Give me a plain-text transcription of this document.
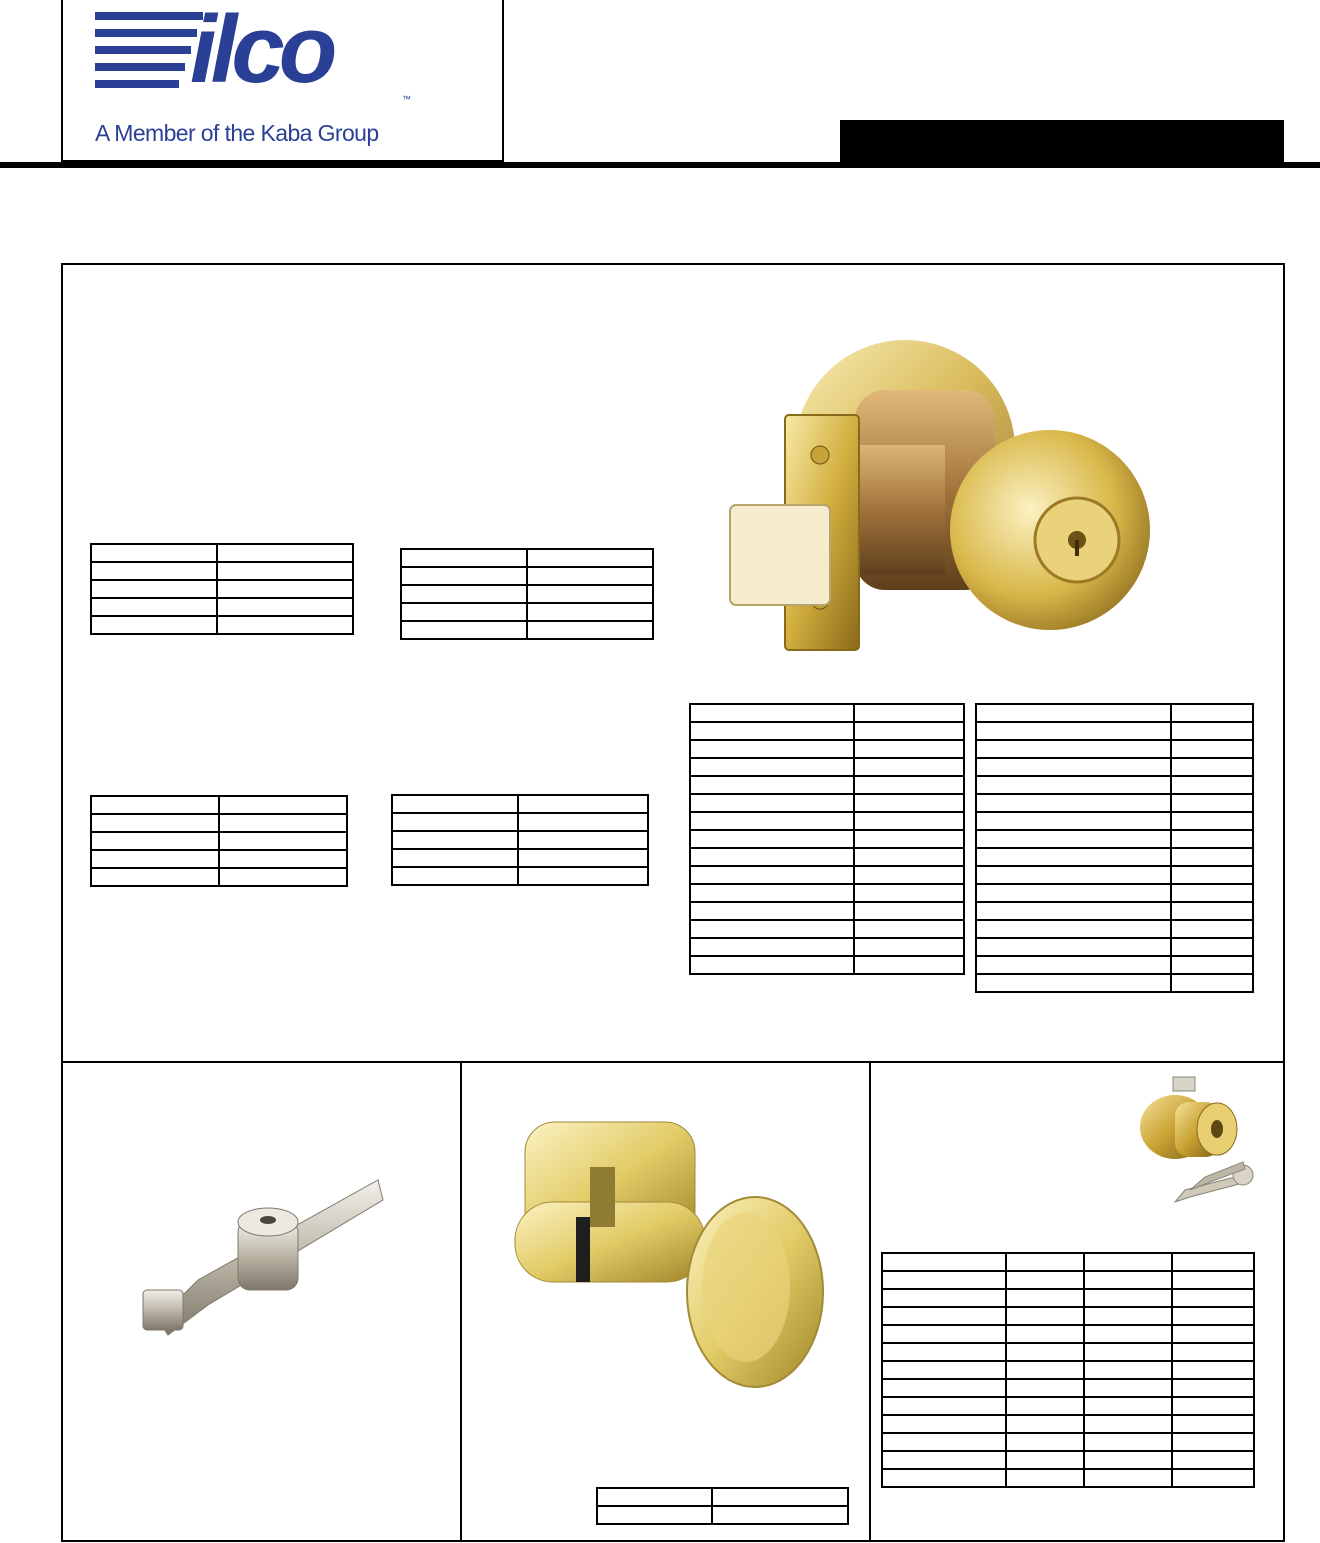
ilco	™
A Member of the Kaba Group
